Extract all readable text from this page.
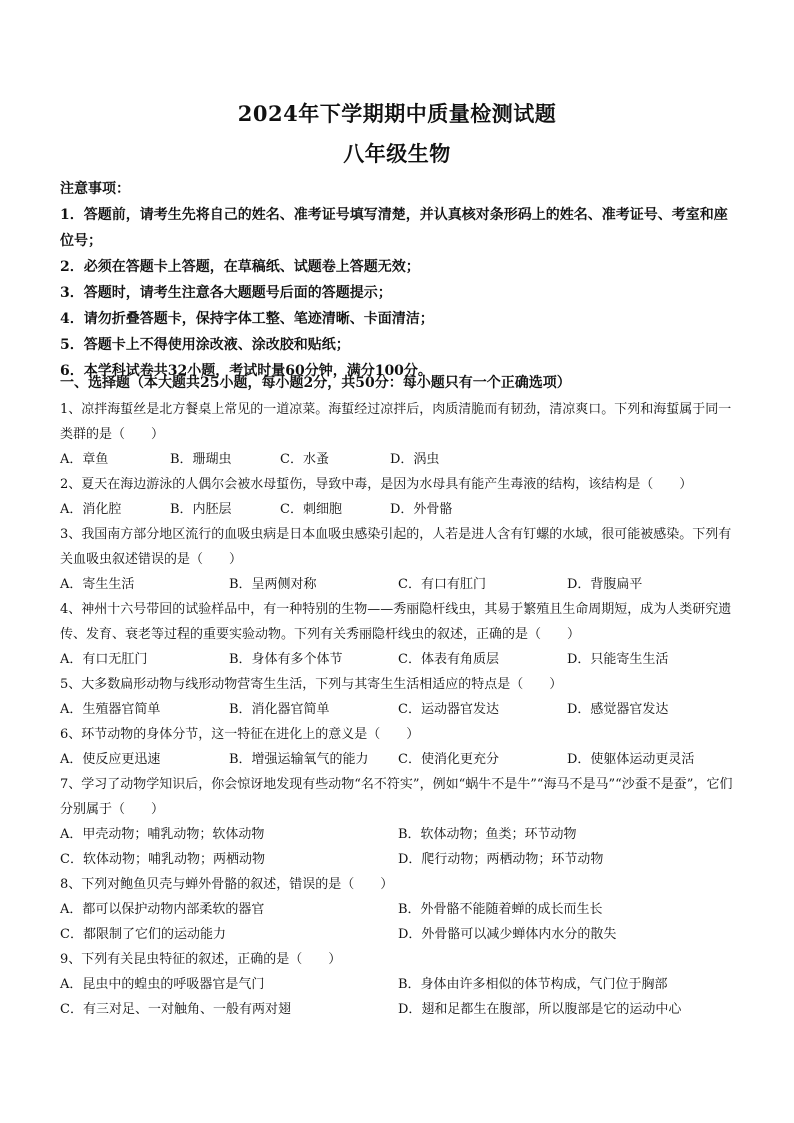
2024年下学期期中质量检测试题
八年级生物
注意事项：
1．答题前，请考生先将自己的姓名、准考证号填写清楚，并认真核对条形码上的姓名、准考证号、考室和座位号；
2．必须在答题卡上答题，在草稿纸、试题卷上答题无效；
3．答题时，请考生注意各大题题号后面的答题提示；
4．请勿折叠答题卡，保持字体工整、笔迹清晰、卡面清洁；
5．答题卡上不得使用涂改液、涂改胶和贴纸；
6．本学科试卷共32小题，考试时量60分钟，满分100分。
一、选择题（本大题共25小题，每小题2分，共50分：每小题只有一个正确选项）
1、凉拌海蜇丝是北方餐桌上常见的一道凉菜。海蜇经过凉拌后，肉质清脆而有韧劲，清凉爽口。下列和海蜇属于同一类群的是（　　）
A．章鱼	B．珊瑚虫	C．水蚤	D．涡虫
2、夏天在海边游泳的人偶尔会被水母蜇伤，导致中毒，是因为水母具有能产生毒液的结构，该结构是（　　）
A．消化腔	B．内胚层	C．刺细胞	D．外骨骼
3、我国南方部分地区流行的血吸虫病是日本血吸虫感染引起的，人若是进人含有钉螺的水域，很可能被感染。下列有关血吸虫叙述错误的是（　　）
A．寄生生活	B．呈两侧对称	C．有口有肛门	D．背腹扁平
4、神州十六号带回的试验样品中，有一种特别的生物——秀丽隐杆线虫，其易于繁殖且生命周期短，成为人类研究遗传、发育、衰老等过程的重要实验动物。下列有关秀丽隐杆线虫的叙述，正确的是（　　）
A．有口无肛门	B．身体有多个体节	C．体表有角质层	D．只能寄生生活
5、大多数扁形动物与线形动物营寄生生活，下列与其寄生生活相适应的特点是（　　）
A．生殖器官简单	B．消化器官简单	C．运动器官发达	D．感觉器官发达
6、环节动物的身体分节，这一特征在进化上的意义是（　　）
A．使反应更迅速	B．增强运输氧气的能力	C．使消化更充分	D．使躯体运动更灵活
7、学习了动物学知识后，你会惊讶地发现有些动物“名不符实”，例如“蜗牛不是牛”“海马不是马”“沙蚕不是蚕”，它们分别属于（　　）
A．甲壳动物；哺乳动物；软体动物	B．软体动物；鱼类；环节动物
C．软体动物；哺乳动物；两栖动物	D．爬行动物；两栖动物；环节动物
8、下列对鲍鱼贝壳与蝉外骨骼的叙述，错误的是（　　）
A．都可以保护动物内部柔软的器官	B．外骨骼不能随着蝉的成长而生长
C．都限制了它们的运动能力	D．外骨骼可以减少蝉体内水分的散失
9、下列有关昆虫特征的叙述，正确的是（　　）
A．昆虫中的蝗虫的呼吸器官是气门	B．身体由许多相似的体节构成，气门位于胸部
C．有三对足、一对触角、一般有两对翅	D．翅和足都生在腹部，所以腹部是它的运动中心
